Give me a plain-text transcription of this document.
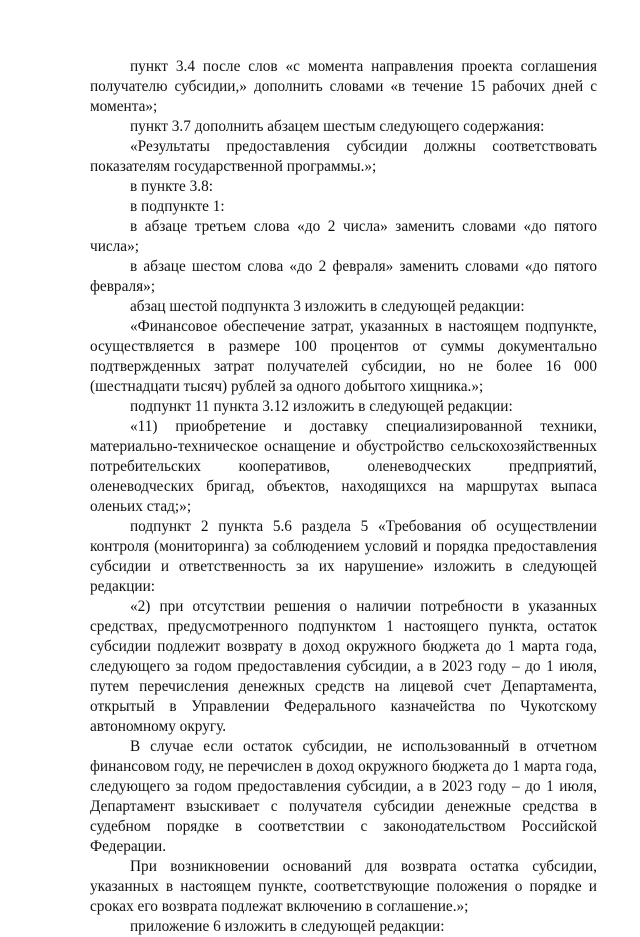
пункт 3.4 после слов «с момента направления проекта соглашения получателю субсидии,» дополнить словами «в течение 15 рабочих дней с момента»;

пункт 3.7 дополнить абзацем шестым следующего содержания:

«Результаты предоставления субсидии должны соответствовать показателям государственной программы.»;

в пункте 3.8:

в подпункте 1:

в абзаце третьем слова «до 2 числа» заменить словами «до пятого числа»;

в абзаце шестом слова «до 2 февраля» заменить словами «до пятого февраля»;

абзац шестой подпункта 3 изложить в следующей редакции:

«Финансовое обеспечение затрат, указанных в настоящем подпункте, осуществляется в размере 100 процентов от суммы документально подтвержденных затрат получателей субсидии, но не более 16 000 (шестнадцати тысяч) рублей за одного добытого хищника.»;

подпункт 11 пункта 3.12 изложить в следующей редакции:

«11) приобретение и доставку специализированной техники, материально-техническое оснащение и обустройство сельскохозяйственных потребительских кооперативов, оленеводческих предприятий, оленеводческих бригад, объектов, находящихся на маршрутах выпаса оленьих стад;»;

подпункт 2 пункта 5.6 раздела 5 «Требования об осуществлении контроля (мониторинга) за соблюдением условий и порядка предоставления субсидии и ответственность за их нарушение» изложить в следующей редакции:

«2) при отсутствии решения о наличии потребности в указанных средствах, предусмотренного подпунктом 1 настоящего пункта, остаток субсидии подлежит возврату в доход окружного бюджета до 1 марта года, следующего за годом предоставления субсидии, а в 2023 году – до 1 июля, путем перечисления денежных средств на лицевой счет Департамента, открытый в Управлении Федерального казначейства по Чукотскому автономному округу.

В случае если остаток субсидии, не использованный в отчетном финансовом году, не перечислен в доход окружного бюджета до 1 марта года, следующего за годом предоставления субсидии, а в 2023 году – до 1 июля, Департамент взыскивает с получателя субсидии денежные средства в судебном порядке в соответствии с законодательством Российской Федерации.

При возникновении оснований для возврата остатка субсидии, указанных в настоящем пункте, соответствующие положения о порядке и сроках его возврата подлежат включению в соглашение.»;

приложение 6 изложить в следующей редакции:
